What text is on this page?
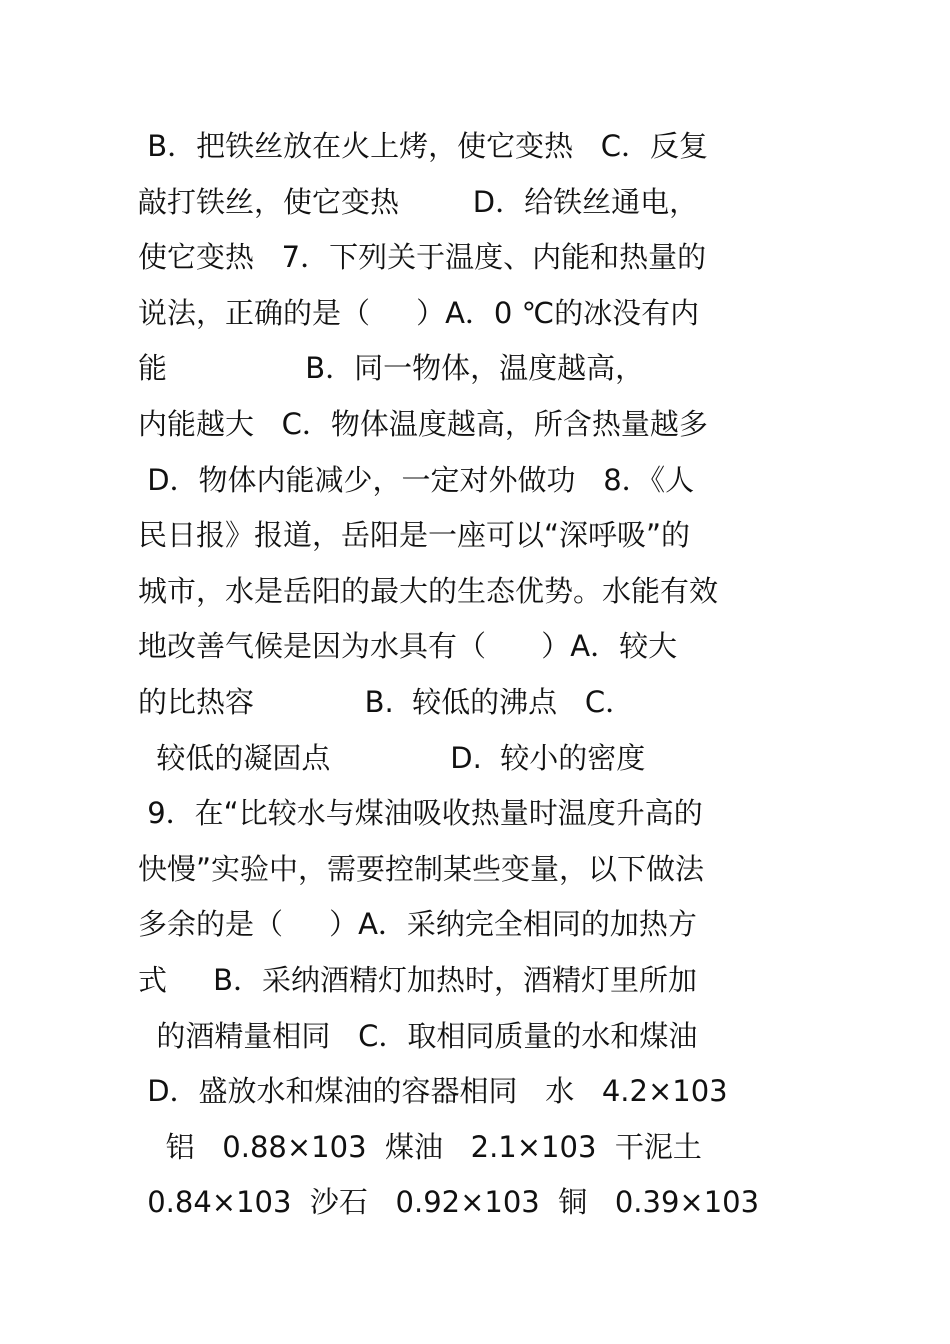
B．把铁丝放在火上烤，使它变热   C．反复
敲打铁丝，使它变热        D．给铁丝通电，
使它变热   7．下列关于温度、内能和热量的
说法，正确的是（     ）A．0 ℃的冰没有内
能               B．同一物体，温度越高，
内能越大   C．物体温度越高，所含热量越多
D．物体内能减少，一定对外做功   8．《人
民日报》报道，岳阳是一座可以“深呼吸”的
城市，水是岳阳的最大的生态优势。水能有效
地改善气候是因为水具有（      ）A．较大
的比热容            B.  较低的沸点   C．
较低的凝固点             D.  较小的密度
9．在“比较水与煤油吸收热量时温度升高的
快慢”实验中，需要控制某些变量，以下做法
多余的是（     ）A．采纳完全相同的加热方
式     B．采纳酒精灯加热时，酒精灯里所加
的酒精量相同   C．取相同质量的水和煤油
D．盛放水和煤油的容器相同   水   4.2×103
铝   0.88×103  煤油   2.1×103  干泥土
0.84×103  沙石   0.92×103  铜   0.39×103
